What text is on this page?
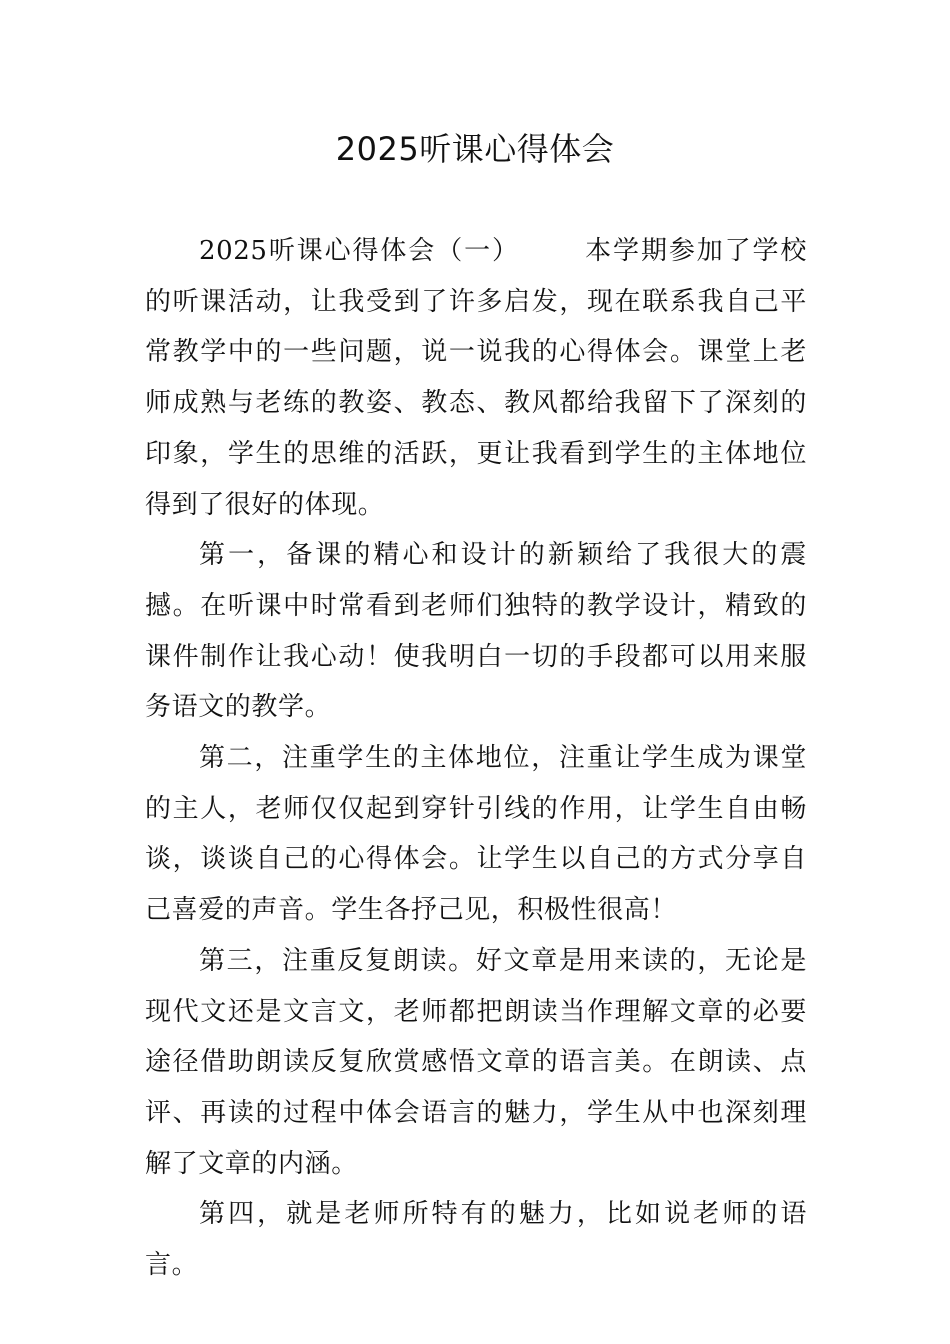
2025听课心得体会

2025听课心得体会（一） 本学期参加了学校的听课活动，让我受到了许多启发，现在联系我自己平常教学中的一些问题，说一说我的心得体会。课堂上老师成熟与老练的教姿、教态、教风都给我留下了深刻的印象，学生的思维的活跃，更让我看到学生的主体地位得到了很好的体现。

第一，备课的精心和设计的新颖给了我很大的震撼。在听课中时常看到老师们独特的教学设计，精致的课件制作让我心动！使我明白一切的手段都可以用来服务语文的教学。

第二，注重学生的主体地位，注重让学生成为课堂的主人，老师仅仅起到穿针引线的作用，让学生自由畅谈，谈谈自己的心得体会。让学生以自己的方式分享自己喜爱的声音。学生各抒己见，积极性很高！

第三，注重反复朗读。好文章是用来读的，无论是现代文还是文言文，老师都把朗读当作理解文章的必要途径借助朗读反复欣赏感悟文章的语言美。在朗读、点评、再读的过程中体会语言的魅力，学生从中也深刻理解了文章的内涵。

第四，就是老师所特有的魅力，比如说老师的语言。
